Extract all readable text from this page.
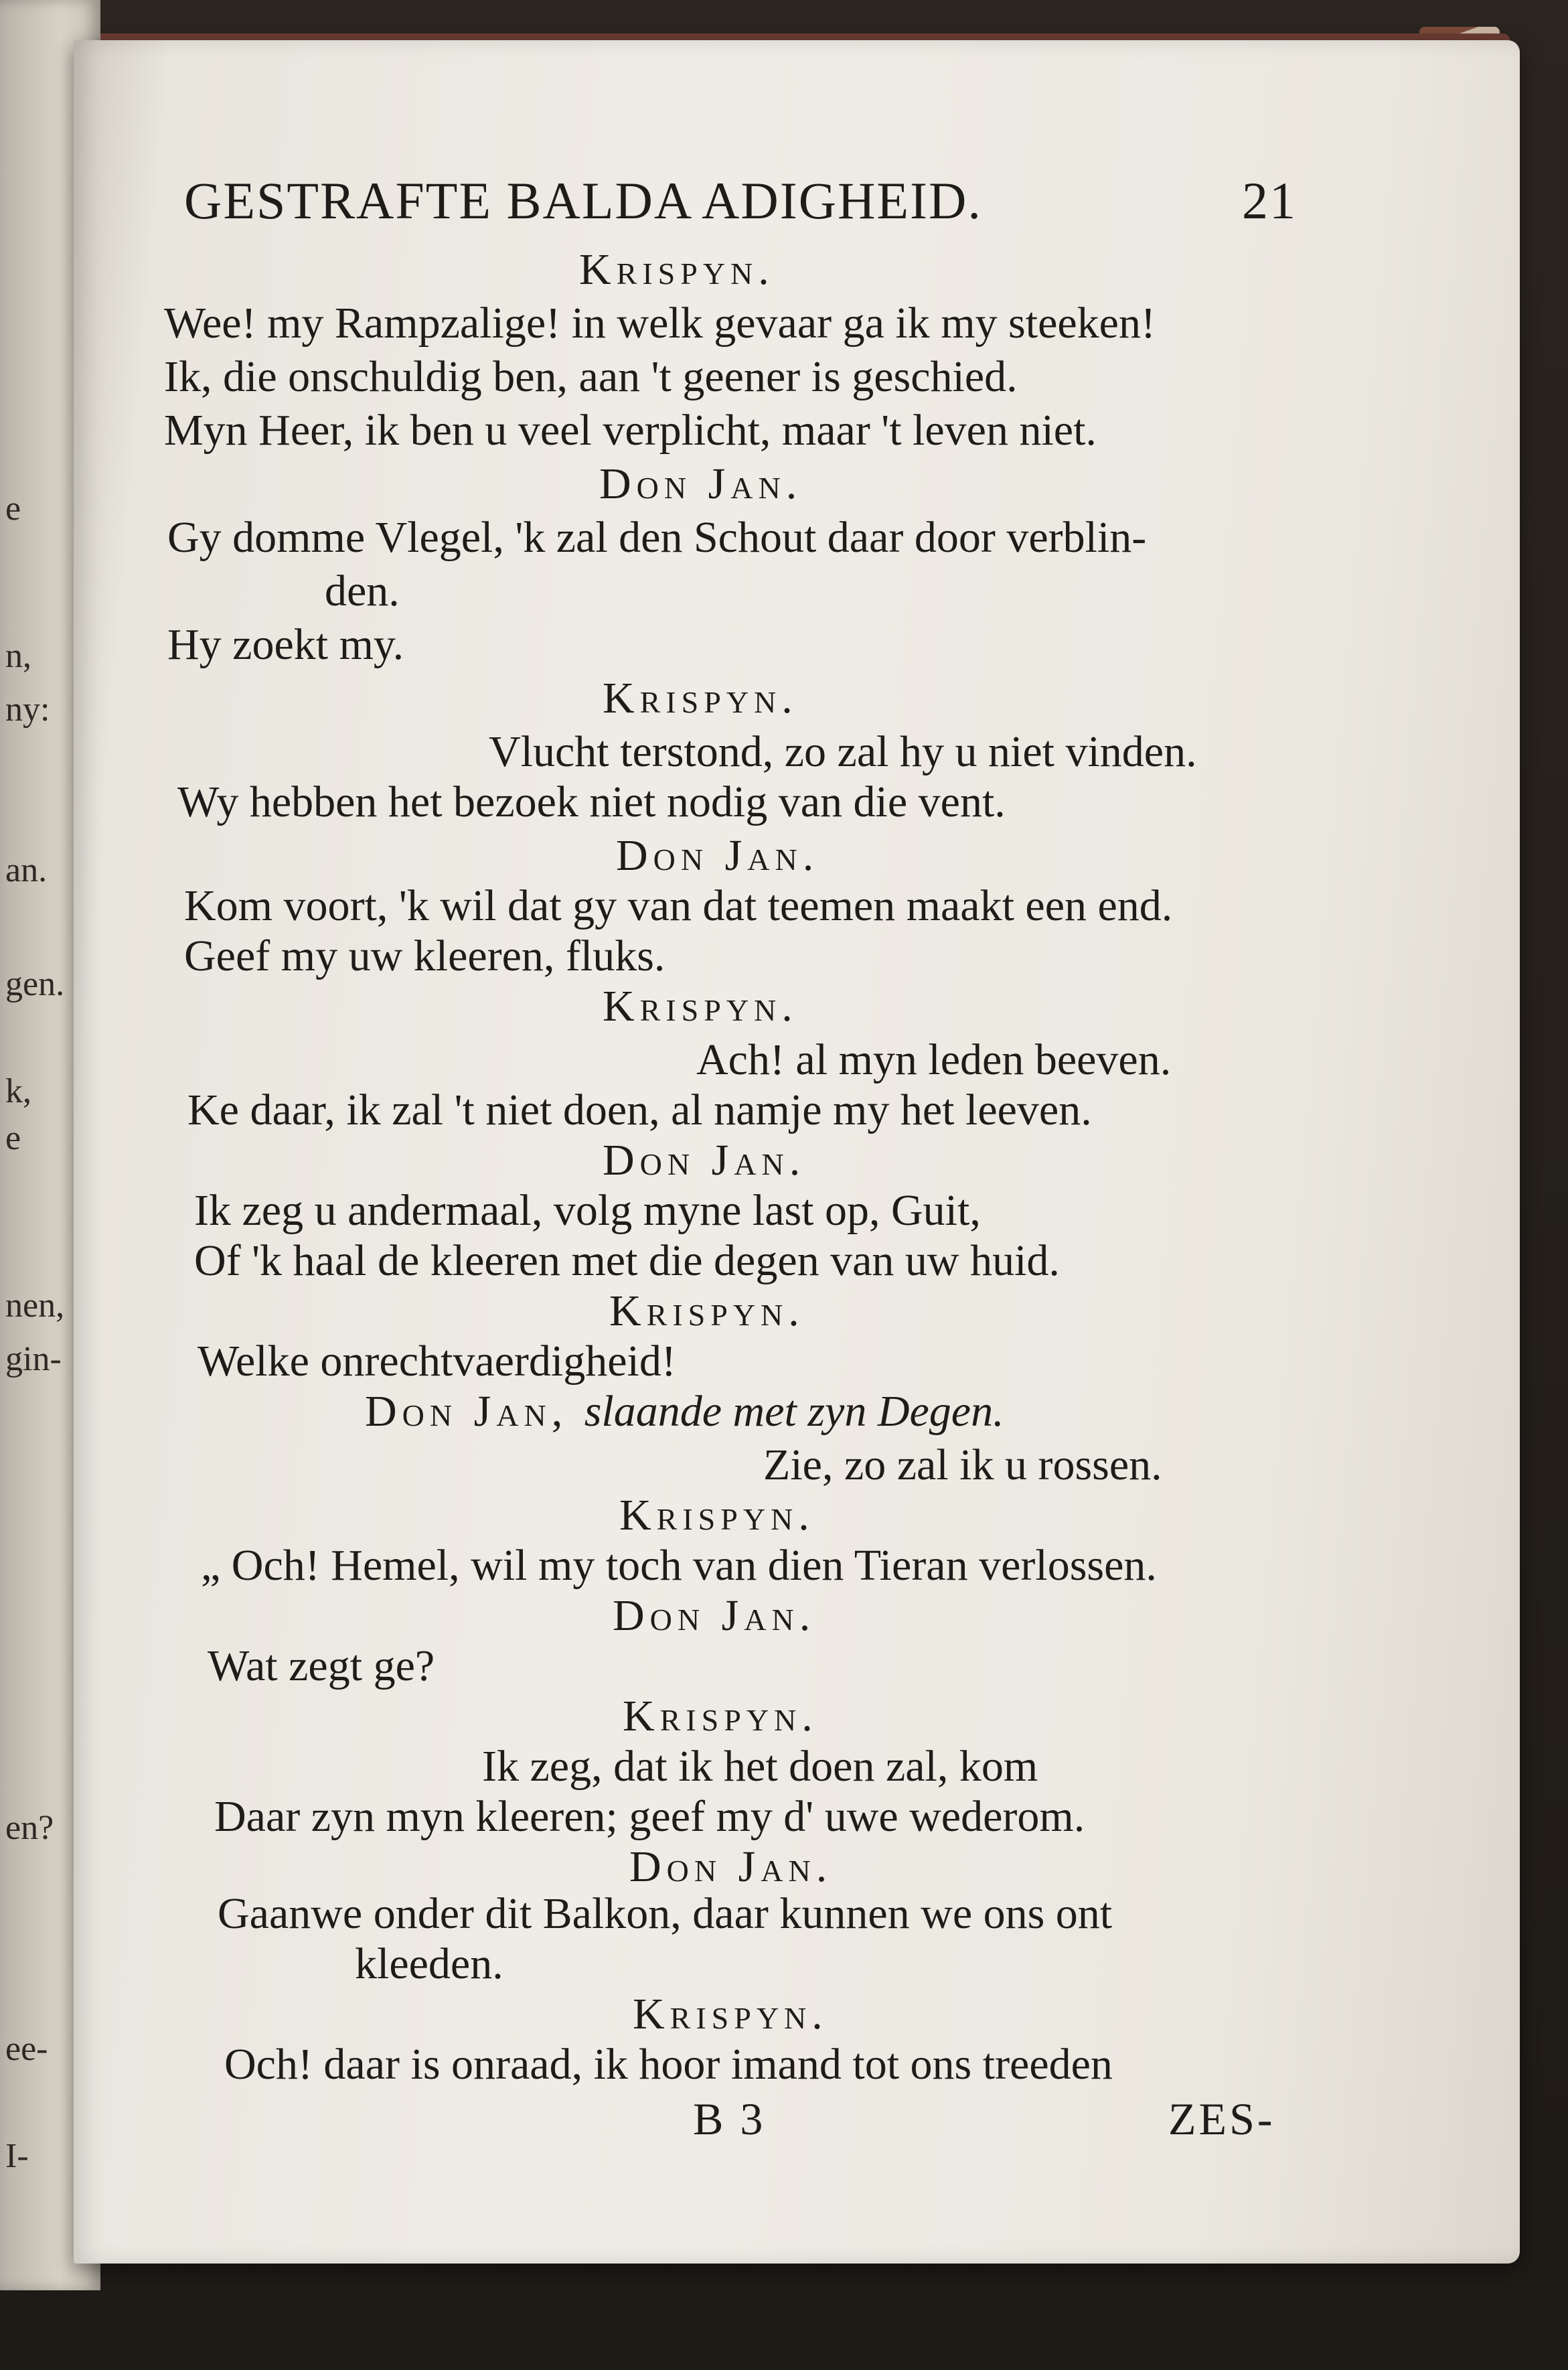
e
n,
ny:
an.
gen.
k,
e
nen,
gin-
en?
ee-
I-
GESTRAFTE BALDA ADIGHEID.	21
Krispyn.
Wee! my Rampzalige! in welk gevaar ga ik my steeken!
Ik, die onschuldig ben, aan 't geener is geschied.
Myn Heer, ik ben u veel verplicht, maar 't leven niet.
Don Jan.
Gy domme Vlegel, 'k zal den Schout daar door verblin-
den.
Hy zoekt my.
Krispyn.
Vlucht terstond, zo zal hy u niet vinden.
Wy hebben het bezoek niet nodig van die vent.
Don Jan.
Kom voort, 'k wil dat gy van dat teemen maakt een end.
Geef my uw kleeren, fluks.
Krispyn.
Ach! al myn leden beeven.
Ke daar, ik zal 't niet doen, al namje my het leeven.
Don Jan.
Ik zeg u andermaal, volg myne last op, Guit,
Of 'k haal de kleeren met die degen van uw huid.
Krispyn.
Welke onrechtvaerdigheid!
Don Jan, slaande met zyn Degen.
Zie, zo zal ik u rossen.
Krispyn.
„ Och! Hemel, wil my toch van dien Tieran verlossen.
Don Jan.
Wat zegt ge?
Krispyn.
Ik zeg, dat ik het doen zal, kom
Daar zyn myn kleeren; geef my d' uwe wederom.
Don Jan.
Gaanwe onder dit Balkon, daar kunnen we ons ont
kleeden.
Krispyn.
Och! daar is onraad, ik hoor imand tot ons treeden
B 3	ZES-
